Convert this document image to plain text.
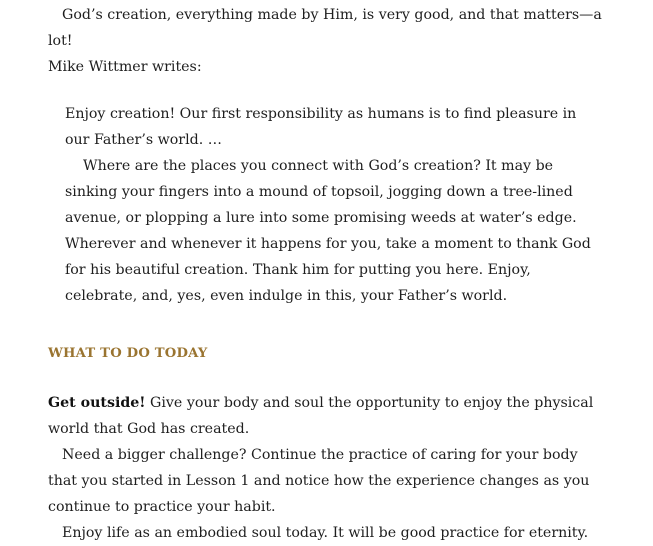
God’s creation, everything made by Him, is very good, and that matters—a lot!

Mike Wittmer writes:

Enjoy creation! Our first responsibility as humans is to find pleasure in our Father’s world. …

Where are the places you connect with God’s creation? It may be sinking your fingers into a mound of topsoil, jogging down a tree-lined avenue, or plopping a lure into some promising weeds at water’s edge. Wherever and whenever it happens for you, take a moment to thank God for his beautiful creation. Thank him for putting you here. Enjoy, celebrate, and, yes, even indulge in this, your Father’s world.

WHAT TO DO TODAY

Get outside! Give your body and soul the opportunity to enjoy the physical world that God has created.

Need a bigger challenge? Continue the practice of caring for your body that you started in Lesson 1 and notice how the experience changes as you continue to practice your habit.

Enjoy life as an embodied soul today. It will be good practice for eternity.
